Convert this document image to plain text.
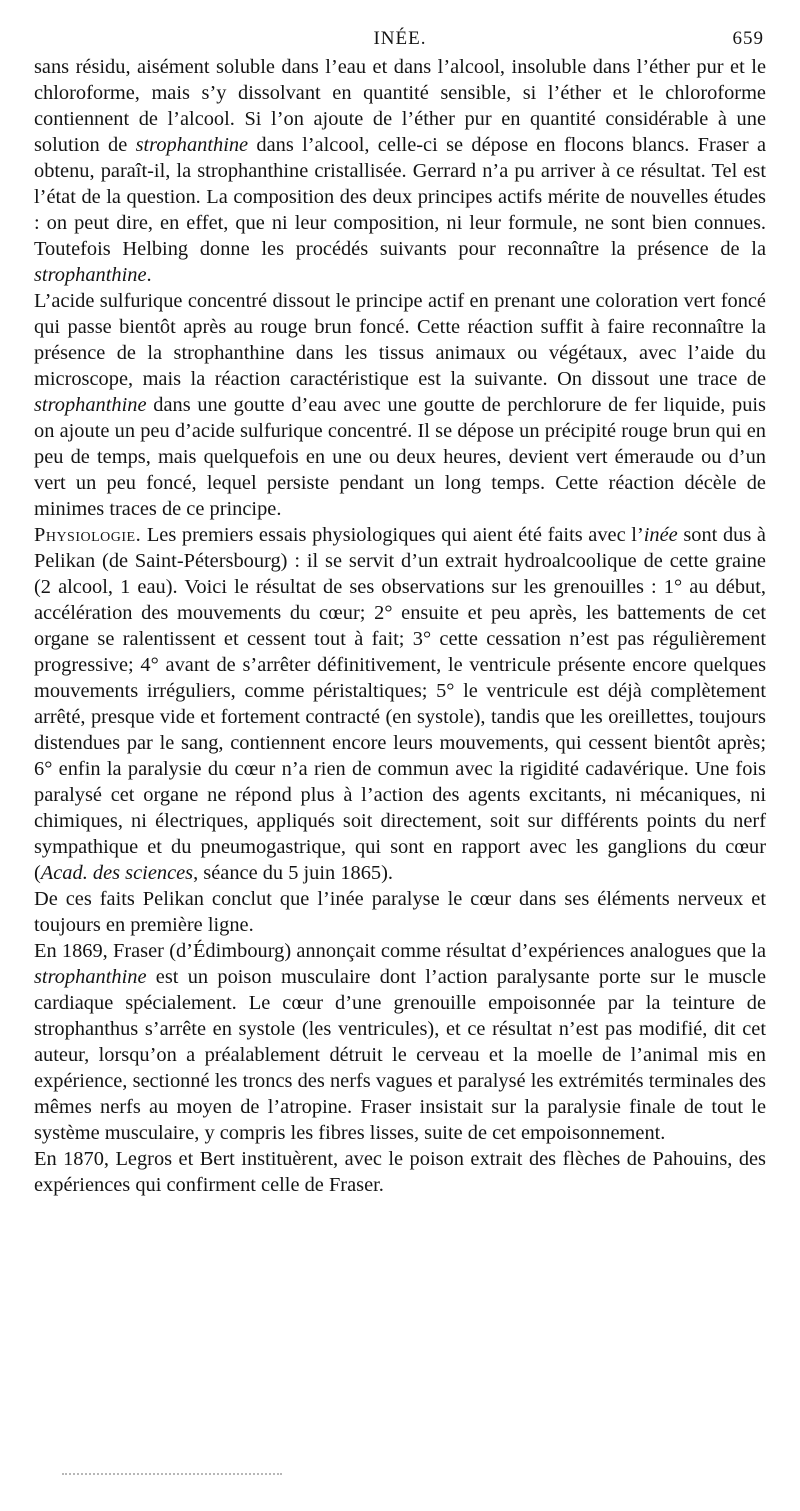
INÉE.	659

sans résidu, aisément soluble dans l’eau et dans l’alcool, insoluble dans l’éther pur et le chloroforme, mais s’y dissolvant en quantité sensible, si l’éther et le chloroforme contiennent de l’alcool. Si l’on ajoute de l’éther pur en quantité considérable à une solution de strophanthine dans l’alcool, celle-ci se dépose en flocons blancs. Fraser a obtenu, paraît-il, la strophanthine cristallisée. Gerrard n’a pu arriver à ce résultat. Tel est l’état de la question. La composition des deux principes actifs mérite de nouvelles études : on peut dire, en effet, que ni leur composition, ni leur formule, ne sont bien connues. Toutefois Helbing donne les procédés suivants pour reconnaître la présence de la strophanthine.

L’acide sulfurique concentré dissout le principe actif en prenant une coloration vert foncé qui passe bientôt après au rouge brun foncé. Cette réaction suffit à faire reconnaître la présence de la strophanthine dans les tissus animaux ou végétaux, avec l’aide du microscope, mais la réaction caractéristique est la suivante. On dissout une trace de strophanthine dans une goutte d’eau avec une goutte de perchlorure de fer liquide, puis on ajoute un peu d’acide sulfurique concentré. Il se dépose un précipité rouge brun qui en peu de temps, mais quelquefois en une ou deux heures, devient vert émeraude ou d’un vert un peu foncé, lequel persiste pendant un long temps. Cette réaction décèle de minimes traces de ce principe.

Physiologie. Les premiers essais physiologiques qui aient été faits avec l’inée sont dus à Pelikan (de Saint-Pétersbourg) : il se servit d’un extrait hydroalcoolique de cette graine (2 alcool, 1 eau). Voici le résultat de ses observations sur les grenouilles : 1° au début, accélération des mouvements du cœur; 2° ensuite et peu après, les battements de cet organe se ralentissent et cessent tout à fait; 3° cette cessation n’est pas régulièrement progressive; 4° avant de s’arrêter définitivement, le ventricule présente encore quelques mouvements irréguliers, comme péristaltiques; 5° le ventricule est déjà complètement arrêté, presque vide et fortement contracté (en systole), tandis que les oreillettes, toujours distendues par le sang, contiennent encore leurs mouvements, qui cessent bientôt après; 6° enfin la paralysie du cœur n’a rien de commun avec la rigidité cadavérique. Une fois paralysé cet organe ne répond plus à l’action des agents excitants, ni mécaniques, ni chimiques, ni électriques, appliqués soit directement, soit sur différents points du nerf sympathique et du pneumogastrique, qui sont en rapport avec les ganglions du cœur (Acad. des sciences, séance du 5 juin 1865).

De ces faits Pelikan conclut que l’inée paralyse le cœur dans ses éléments nerveux et toujours en première ligne.

En 1869, Fraser (d’Édimbourg) annonçait comme résultat d’expériences analogues que la strophanthine est un poison musculaire dont l’action paralysante porte sur le muscle cardiaque spécialement. Le cœur d’une grenouille empoisonnée par la teinture de strophanthus s’arrête en systole (les ventricules), et ce résultat n’est pas modifié, dit cet auteur, lorsqu’on a préalablement détruit le cerveau et la moelle de l’animal mis en expérience, sectionné les troncs des nerfs vagues et paralysé les extrémités terminales des mêmes nerfs au moyen de l’atropine. Fraser insistait sur la paralysie finale de tout le système musculaire, y compris les fibres lisses, suite de cet empoisonnement.

En 1870, Legros et Bert instituèrent, avec le poison extrait des flèches de Pahouins, des expériences qui confirment celle de Fraser.
